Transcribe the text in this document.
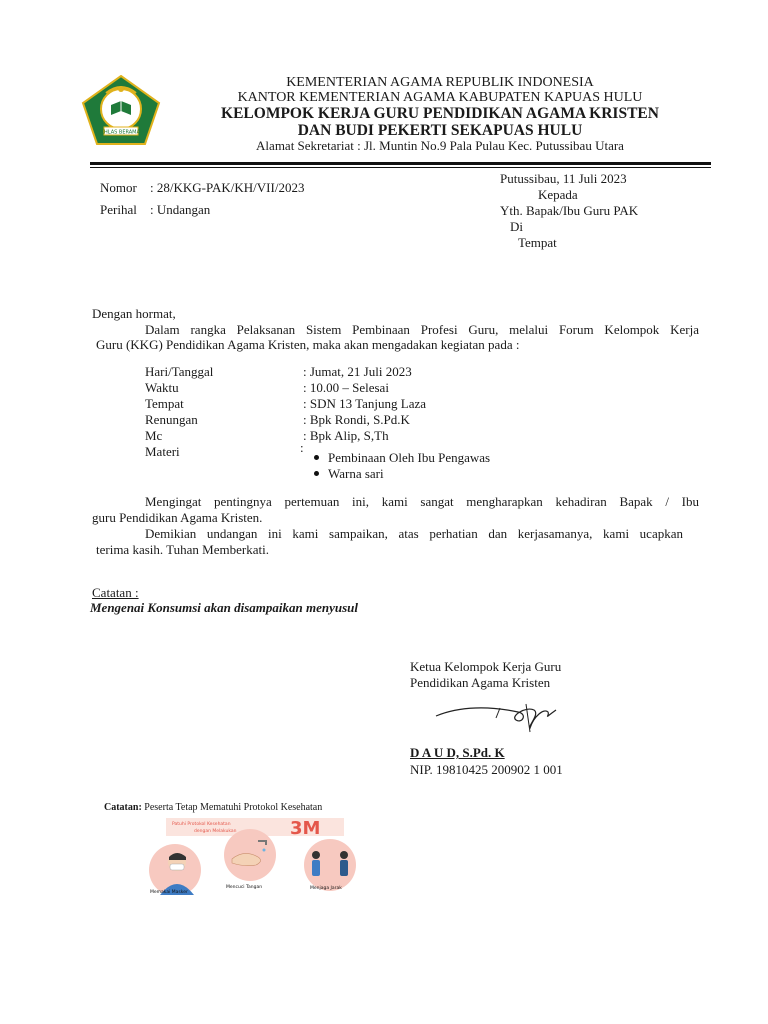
IKHLAS BERAMAL
KEMENTERIAN AGAMA REPUBLIK INDONESIA
KANTOR KEMENTERIAN AGAMA KABUPATEN KAPUAS HULU
KELOMPOK KERJA GURU PENDIDIKAN AGAMA KRISTEN
DAN BUDI PEKERTI SEKAPUAS HULU
Alamat Sekretariat : Jl. Muntin No.9 Pala Pulau Kec. Putussibau Utara
Nomor : 28/KKG-PAK/KH/VII/2023
Perihal : Undangan
Putussibau, 11 Juli 2023
Kepada
Yth. Bapak/Ibu Guru PAK
Di
Tempat
Dengan hormat,
Dalam rangka Pelaksanan Sistem Pembinaan Profesi Guru, melalui Forum Kelompok Kerja
Guru (KKG) Pendidikan Agama Kristen, maka akan mengadakan kegiatan pada :
Hari/Tanggal	: Jumat, 21 Juli 2023
Waktu	: 10.00 – Selesai
Tempat	: SDN 13 Tanjung Laza
Renungan	: Bpk Rondi, S.Pd.K
Mc	: Bpk Alip, S,Th
Materi	:
Pembinaan Oleh Ibu Pengawas
Warna sari
Mengingat pentingnya pertemuan ini, kami sangat mengharapkan kehadiran Bapak / Ibu
guru Pendidikan Agama Kristen.
Demikian undangan ini kami sampaikan, atas perhatian dan kerjasamanya, kami ucapkan
terima kasih. Tuhan Memberkati.
Catatan :
Mengenai Konsumsi akan disampaikan menyusul
Ketua Kelompok Kerja Guru
Pendidikan Agama Kristen
D A U D, S.Pd. K
NIP. 19810425 200902 1 001
Catatan: Peserta Tetap Mematuhi Protokol Kesehatan
Patuhi Protokol Kesehatan
dengan Melakukan	3M
Memakai Masker
Mencuci Tangan	Menjaga Jarak
